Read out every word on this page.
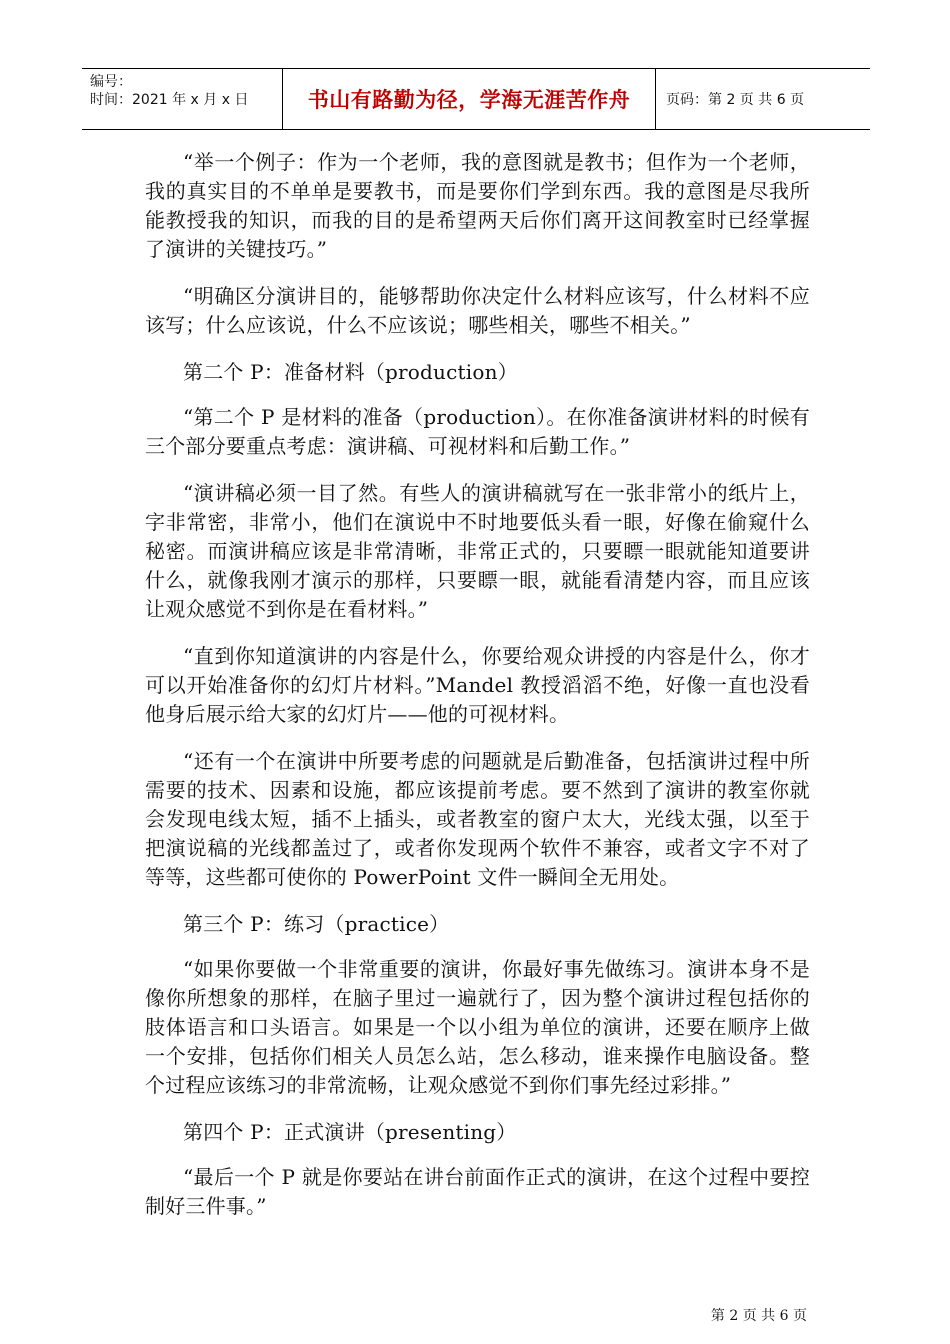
编号：
时间：2021 年 x 月 x 日	书山有路勤为径，学海无涯苦作舟	页码：第 2 页 共 6 页

“举一个例子：作为一个老师，我的意图就是教书；但作为一个老师，我的真实目的不单单是要教书，而是要你们学到东西。我的意图是尽我所能教授我的知识，而我的目的是希望两天后你们离开这间教室时已经掌握了演讲的关键技巧。”

“明确区分演讲目的，能够帮助你决定什么材料应该写，什么材料不应该写；什么应该说，什么不应该说；哪些相关，哪些不相关。”

第二个 P：准备材料（production）

“第二个 P 是材料的准备（production）。在你准备演讲材料的时候有三个部分要重点考虑：演讲稿、可视材料和后勤工作。”

“演讲稿必须一目了然。有些人的演讲稿就写在一张非常小的纸片上，字非常密，非常小，他们在演说中不时地要低头看一眼，好像在偷窥什么秘密。而演讲稿应该是非常清晰，非常正式的，只要瞟一眼就能知道要讲什么，就像我刚才演示的那样，只要瞟一眼，就能看清楚内容，而且应该让观众感觉不到你是在看材料。”

“直到你知道演讲的内容是什么，你要给观众讲授的内容是什么，你才可以开始准备你的幻灯片材料。”Mandel 教授滔滔不绝，好像一直也没看他身后展示给大家的幻灯片——他的可视材料。

“还有一个在演讲中所要考虑的问题就是后勤准备，包括演讲过程中所需要的技术、因素和设施，都应该提前考虑。要不然到了演讲的教室你就会发现电线太短，插不上插头，或者教室的窗户太大，光线太强，以至于把演说稿的光线都盖过了，或者你发现两个软件不兼容，或者文字不对了等等，这些都可使你的 PowerPoint 文件一瞬间全无用处。

第三个 P：练习（practice）

“如果你要做一个非常重要的演讲，你最好事先做练习。演讲本身不是像你所想象的那样，在脑子里过一遍就行了，因为整个演讲过程包括你的肢体语言和口头语言。如果是一个以小组为单位的演讲，还要在顺序上做一个安排，包括你们相关人员怎么站，怎么移动，谁来操作电脑设备。整个过程应该练习的非常流畅，让观众感觉不到你们事先经过彩排。”

第四个 P：正式演讲（presenting）

“最后一个 P 就是你要站在讲台前面作正式的演讲，在这个过程中要控制好三件事。”

第 2 页 共 6 页
